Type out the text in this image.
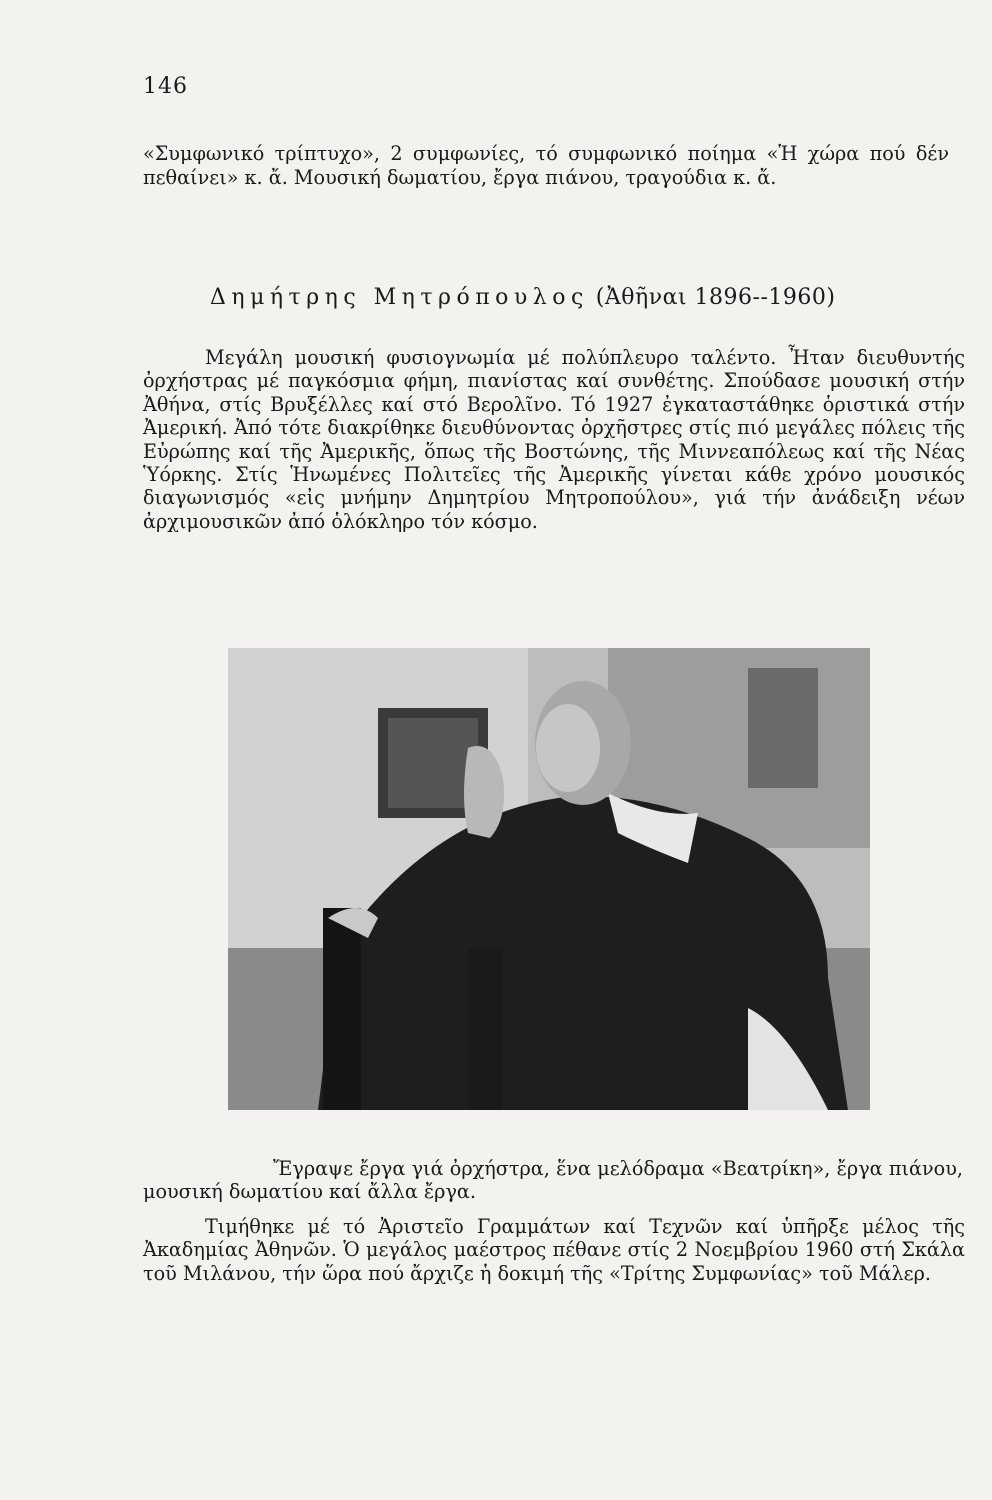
146

«Συμφωνικό τρίπτυχο», 2 συμφωνίες, τό συμφωνικό ποίημα «Ἡ χώρα πού δέν πεθαίνει» κ. ἄ. Μουσική δωματίου, ἔργα πιάνου, τραγούδια κ. ἄ.

Δημήτρης Μητρόπουλος (Ἀθῆναι 1896--1960)

Μεγάλη μουσική φυσιογνωμία μέ πολύπλευρο ταλέντο. Ἦταν διευθυντής ὀρχήστρας μέ παγκόσμια φήμη, πιανίστας καί συνθέτης. Σπούδασε μουσική στήν Ἀθήνα, στίς Βρυξέλλες καί στό Βερολῖνο. Τό 1927 ἐγκαταστάθηκε ὁριστικά στήν Ἀμερική. Ἀπό τότε διακρίθηκε διευθύνοντας ὀρχῆστρες στίς πιό μεγάλες πόλεις τῆς Εὐρώπης καί τῆς Ἀμερικῆς, ὅπως τῆς Βοστώνης, τῆς Μιννεαπόλεως καί τῆς Νέας Ὑόρκης. Στίς Ἡνωμένες Πολιτεῖες τῆς Ἀμερικῆς γίνεται κάθε χρόνο μουσικός διαγωνισμός «εἰς μνήμην Δημητρίου Μητροπούλου», γιά τήν ἀνάδειξη νέων ἀρχιμουσικῶν ἀπό ὁλόκληρο τόν κόσμο.

Ἔγραψε ἔργα γιά ὀρχήστρα, ἕνα μελόδραμα «Βεατρίκη», ἔργα πιάνου, μουσική δωματίου καί ἄλλα ἔργα.

Τιμήθηκε μέ τό Ἀριστεῖο Γραμμάτων καί Τεχνῶν καί ὑπῆρξε μέλος τῆς Ἀκαδημίας Ἀθηνῶν. Ὁ μεγάλος μαέστρος πέθανε στίς 2 Νοεμβρίου 1960 στή Σκάλα τοῦ Μιλάνου, τήν ὥρα πού ἄρχιζε ἡ δοκιμή τῆς «Τρίτης Συμφωνίας» τοῦ Μάλερ.
